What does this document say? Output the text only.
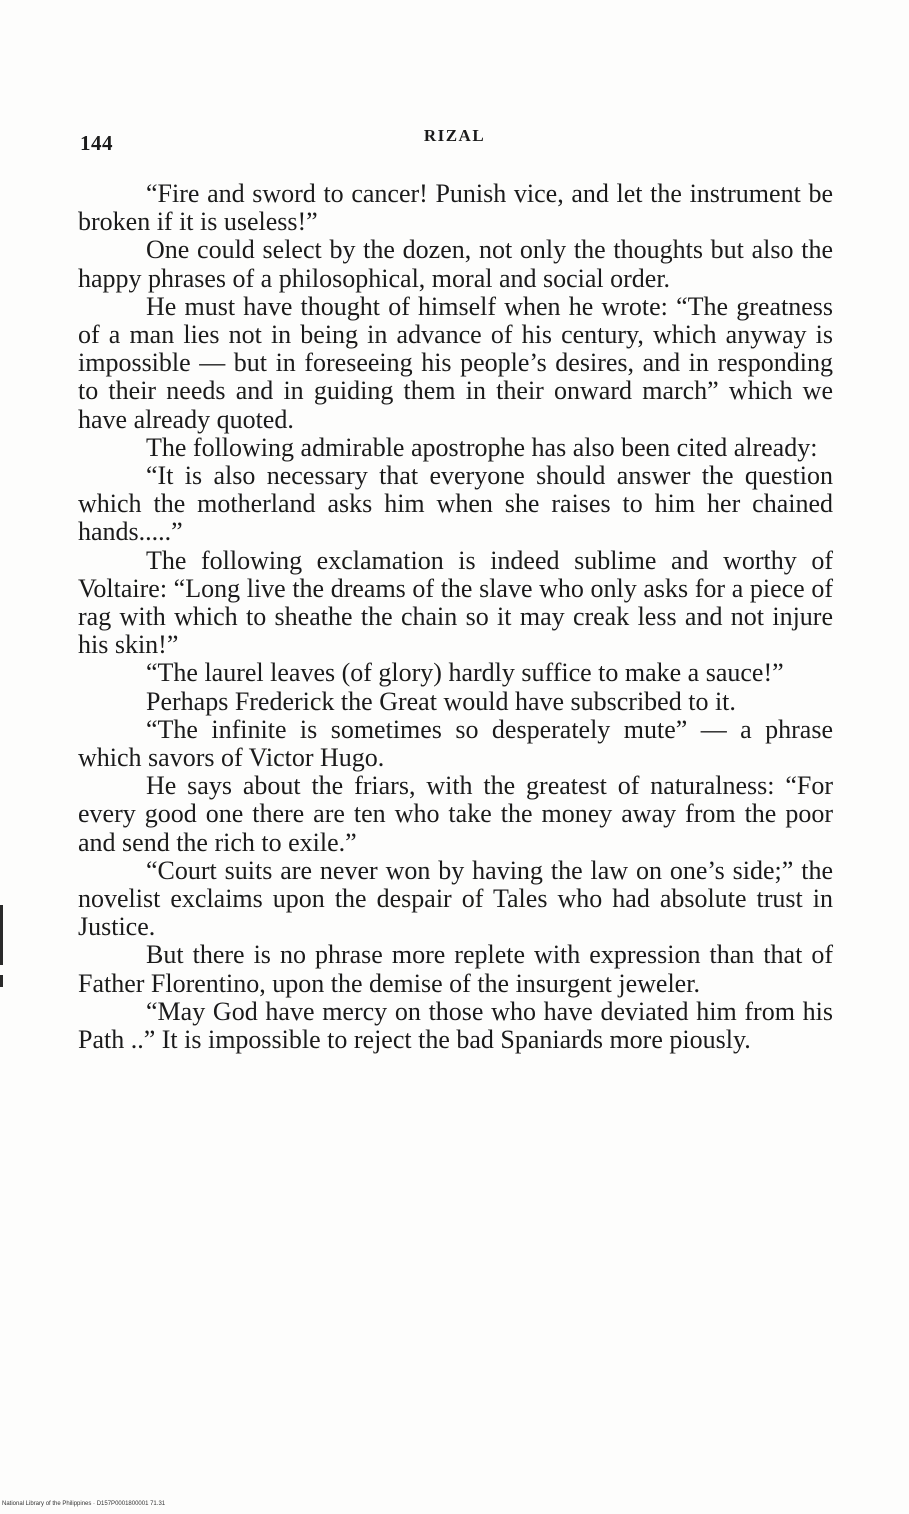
144	RIZAL

“Fire and sword to cancer! Punish vice, and let the instrument be broken if it is useless!”

One could select by the dozen, not only the thoughts but also the happy phrases of a philosophical, moral and social order.

He must have thought of himself when he wrote: “The greatness of a man lies not in being in advance of his century, which anyway is impossible — but in foreseeing his people’s desires, and in responding to their needs and in guiding them in their onward march” which we have already quoted.

The following admirable apostrophe has also been cited already:

“It is also necessary that everyone should answer the question which the motherland asks him when she raises to him her chained hands.....”

The following exclamation is indeed sublime and worthy of Voltaire: “Long live the dreams of the slave who only asks for a piece of rag with which to sheathe the chain so it may creak less and not injure his skin!”

“The laurel leaves (of glory) hardly suffice to make a sauce!”

Perhaps Frederick the Great would have subscribed to it.

“The infinite is sometimes so desperately mute” — a phrase which savors of Victor Hugo.

He says about the friars, with the greatest of naturalness: “For every good one there are ten who take the money away from the poor and send the rich to exile.”

“Court suits are never won by having the law on one’s side;” the novelist exclaims upon the despair of Tales who had absolute trust in Justice.

But there is no phrase more replete with expression than that of Father Florentino, upon the demise of the insurgent jeweler.

“May God have mercy on those who have deviated him from his Path ..” It is impossible to reject the bad Spaniards more piously.

National Library of the Philippines · D157P0001800001 71.31
